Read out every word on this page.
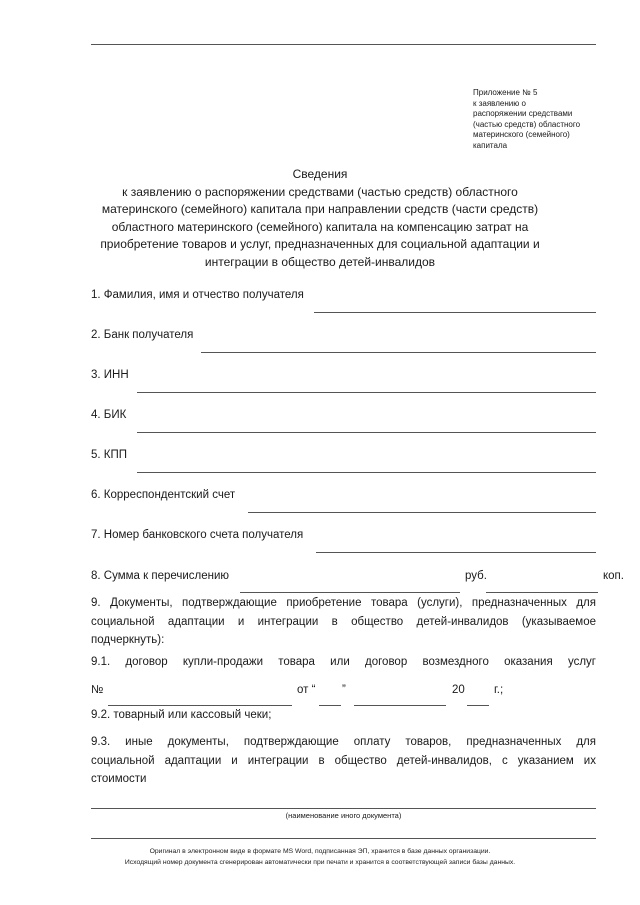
Приложение № 5
к заявлению о
распоряжении средствами
(частью средств) областного
материнского (семейного)
капитала
Сведения
к заявлению о распоряжении средствами (частью средств) областного
материнского (семейного) капитала при направлении средств (части средств)
областного материнского (семейного) капитала на компенсацию затрат на
приобретение товаров и услуг, предназначенных для социальной адаптации и
интеграции в общество детей-инвалидов
1. Фамилия, имя и отчество получателя
2. Банк получателя
3. ИНН
4. БИК
5. КПП
6. Корреспондентский счет
7. Номер банковского счета получателя
8. Сумма к перечислению	руб.	коп.
9. Документы, подтверждающие приобретение товара (услуги), предназначенных для
социальной адаптации и интеграции в общество детей-инвалидов (указываемое
подчеркнуть):
9.1. договор купли-продажи товара или договор возмездного оказания услуг
№	от “ ”	20	г.;
9.2. товарный или кассовый чеки;
9.3. иные документы, подтверждающие оплату товаров, предназначенных для
социальной адаптации и интеграции в общество детей-инвалидов, с указанием их
стоимости
(наименование иного документа)
Оригинал в электронном виде в формате MS Word, подписанная ЭП, хранится в базе данных организации.
Исходящий номер документа сгенерирован автоматически при печати и хранится в соответствующей записи базы данных.
